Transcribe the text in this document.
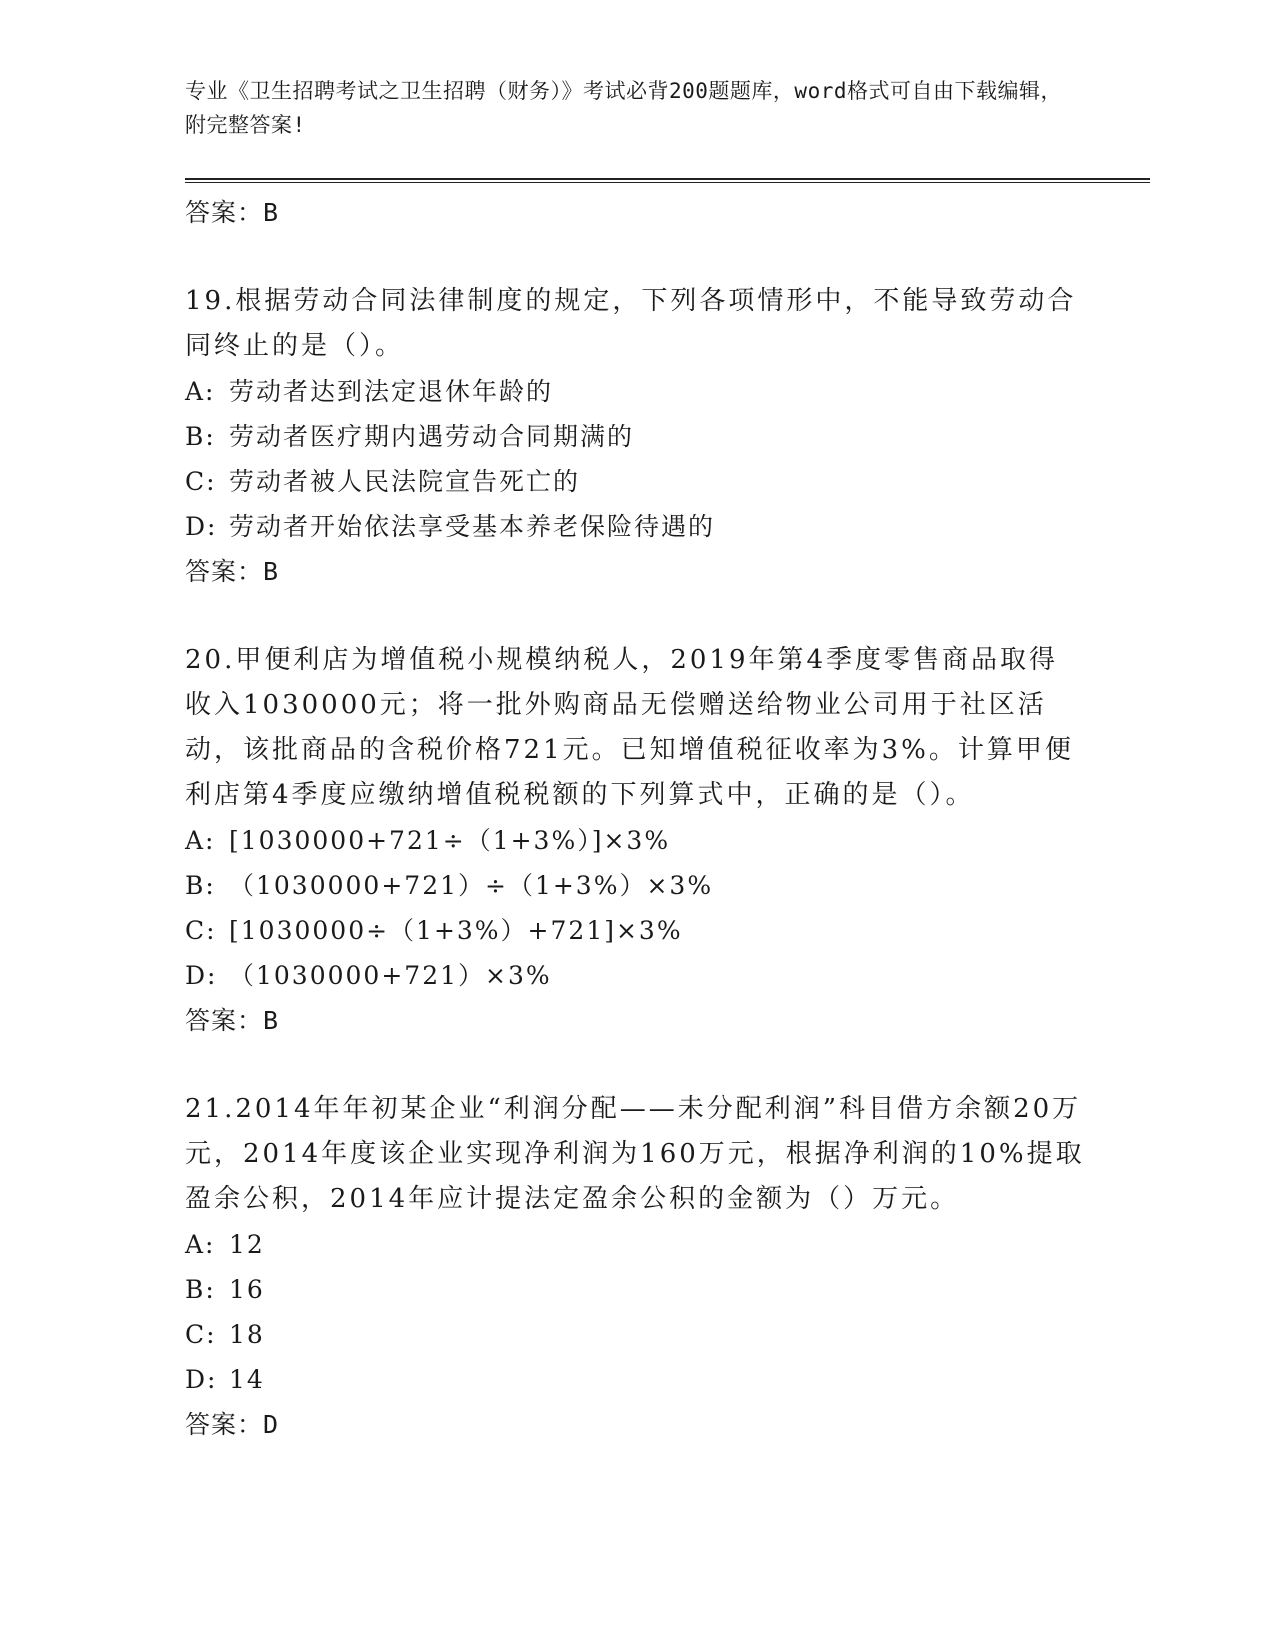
专业《卫生招聘考试之卫生招聘（财务）》考试必背200题题库，word格式可自由下载编辑，附完整答案!
答案：B

19.根据劳动合同法律制度的规定，下列各项情形中，不能导致劳动合同终止的是（）。

A: 劳动者达到法定退休年龄的
B: 劳动者医疗期内遇劳动合同期满的
C: 劳动者被人民法院宣告死亡的
D: 劳动者开始依法享受基本养老保险待遇的
答案：B

20.甲便利店为增值税小规模纳税人，2019年第4季度零售商品取得收入1030000元；将一批外购商品无偿赠送给物业公司用于社区活动，该批商品的含税价格721元。已知增值税征收率为3%。计算甲便利店第4季度应缴纳增值税税额的下列算式中，正确的是（）。

A: [1030000+721÷（1+3%）]×3%
B: （1030000+721）÷（1+3%）×3%
C: [1030000÷（1+3%）+721]×3%
D: （1030000+721）×3%
答案：B

21.2014年年初某企业“利润分配——未分配利润”科目借方余额20万元，2014年度该企业实现净利润为160万元，根据净利润的10%提取盈余公积，2014年应计提法定盈余公积的金额为（）万元。

A: 12
B: 16
C: 18
D: 14
答案：D
